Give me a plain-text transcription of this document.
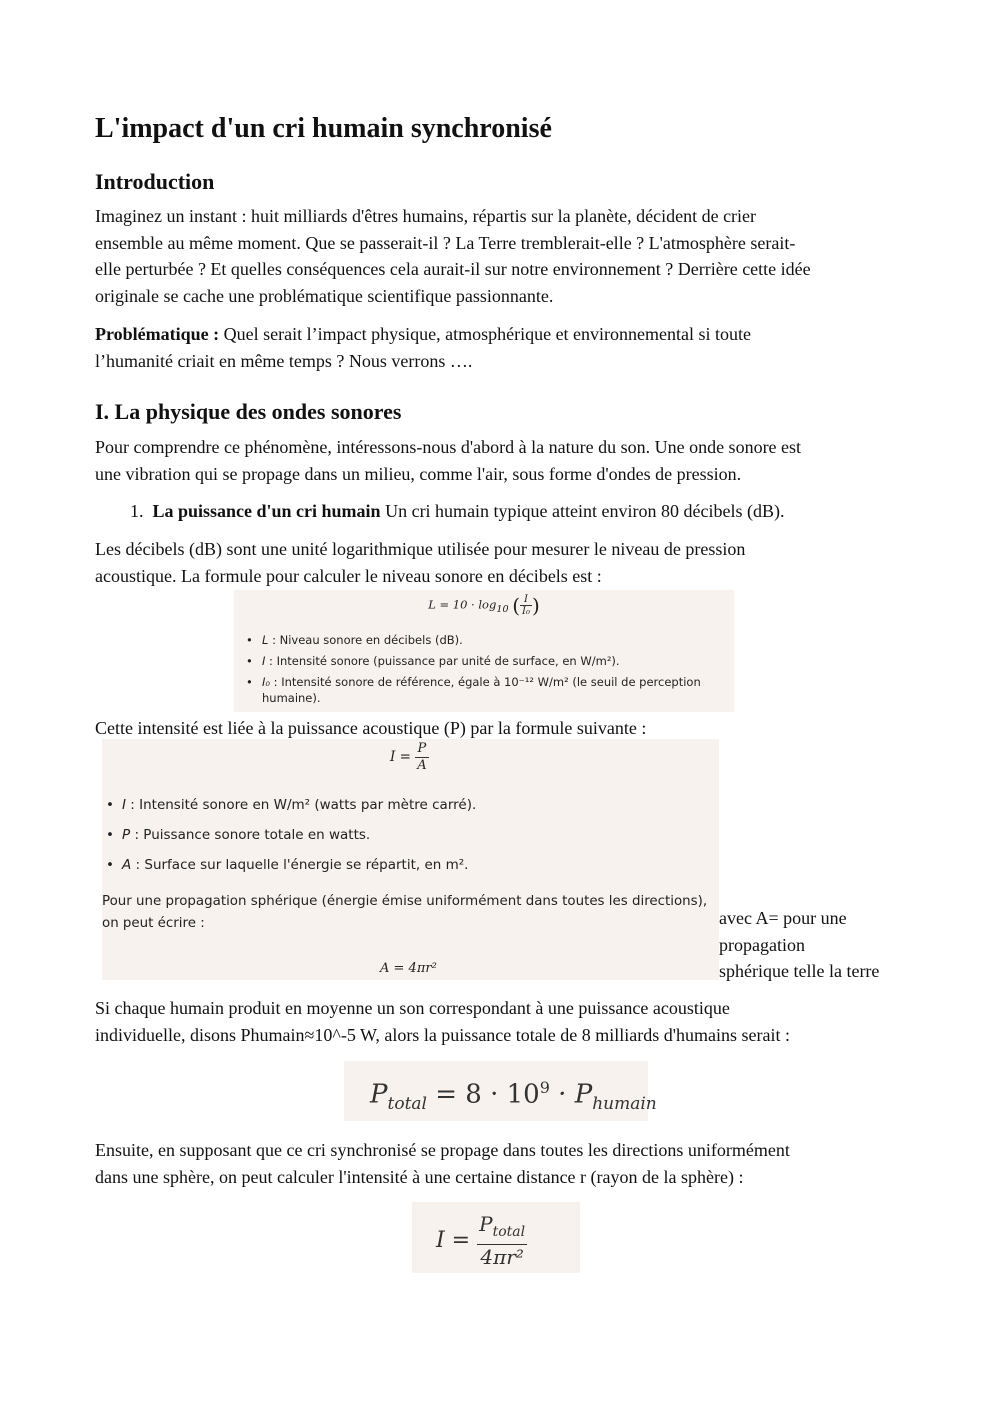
L'impact d'un cri humain synchronisé
Introduction

Imaginez un instant : huit milliards d'êtres humains, répartis sur la planète, décident de crier

ensemble au même moment. Que se passerait-il ? La Terre tremblerait-elle ? L'atmosphère serait-

elle perturbée ? Et quelles conséquences cela aurait-il sur notre environnement ? Derrière cette idée

originale se cache une problématique scientifique passionnante.

Problématique : Quel serait l’impact physique, atmosphérique et environnemental si toute

l’humanité criait en même temps ? Nous verrons ….

I. La physique des ondes sonores

Pour comprendre ce phénomène, intéressons-nous d'abord à la nature du son. Une onde sonore est

une vibration qui se propage dans un milieu, comme l'air, sous forme d'ondes de pression.

1. La puissance d'un cri humain Un cri humain typique atteint environ 80 décibels (dB).

Les décibels (dB) sont une unité logarithmique utilisée pour mesurer le niveau de pression

acoustique. La formule pour calculer le niveau sonore en décibels est :

$L = 10 \cdot \log_{10}$ ( $\frac{I}{\text{I₀}}$ )
• L : Niveau sonore en décibels (dB).
• I : Intensité sonore (puissance par unité de surface, en W/m²).
• I₀ : Intensité sonore de référence, égale à 10⁻¹² W/m² (le seuil de perception
humaine).

Cette intensité est liée à la puissance acoustique (P) par la formule suivante :

$I = \frac{P}{A}$
• I : Intensité sonore en W/m² (watts par mètre carré).
• P : Puissance sonore totale en watts.
• A : Surface sur laquelle l'énergie se répartit, en m².
Pour une propagation sphérique (énergie émise uniformément dans toutes les directions),
on peut écrire :
A = 4πr²

avec A= pour une

propagation

sphérique telle la terre

Si chaque humain produit en moyenne un son correspondant à une puissance acoustique

individuelle, disons Phumain≈10^-5 W, alors la puissance totale de 8 milliards d'humains serait :

$P_{total} = 8 \cdot 10^9 \cdot P_{humain}$

Ensuite, en supposant que ce cri synchronisé se propage dans toutes les directions uniformément

dans une sphère, on peut calculer l'intensité à une certaine distance r (rayon de la sphère) :

$I = \frac{P_{total}}{\text{4πr²}}$
